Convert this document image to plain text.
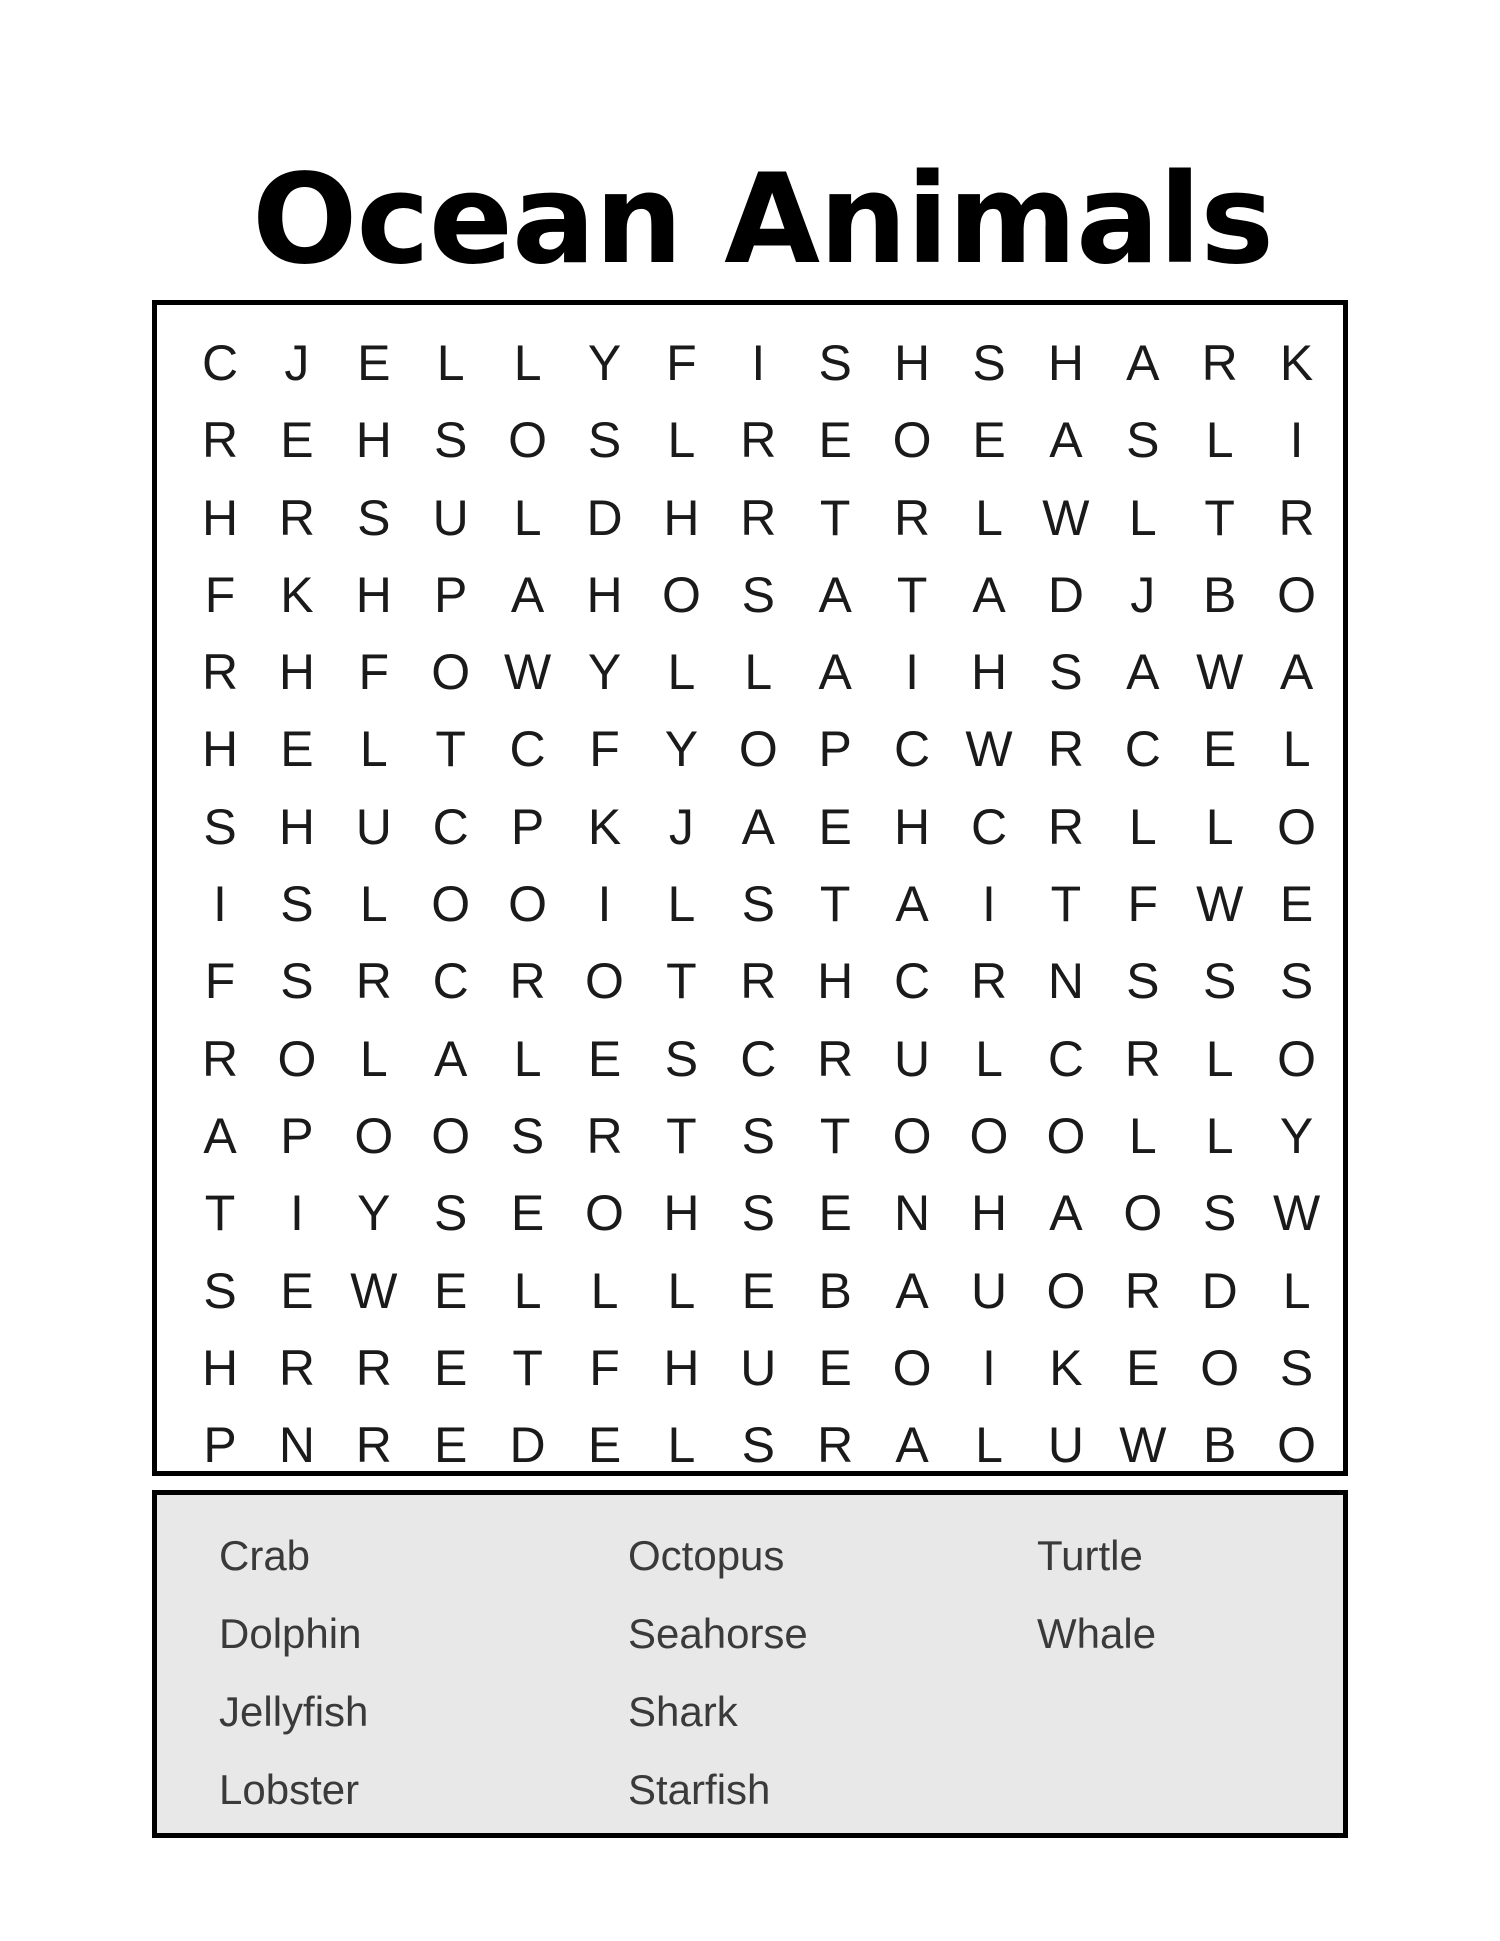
Ocean Animals
C J E L L Y F	I	S H S H A R K
R E H S O S L R E O E A S L	I
H R S U L D H R T R L W L T R
F K H P A H O S A T A D J B O
R H F O W Y L L A	I	H S A W A
H E L T C F Y O P C W R C E L
S H U C P K J A E H C R L L O
I	S L O O	I	L S T A	I	T F W E
F S R C R O T R H C R N S S S
R O L A L E S C R U L C R L O
A P O O S R T S T O O O L L Y
T	I	Y S E O H S E N H A O S W
S E W E L L L E B A U O R D L
H R R E T F H U E O	I	K E O S
P N R E D E L S R A L U W B O
Crab
Dolphin
Jellyfish
Lobster
Octopus
Seahorse
Shark
Starfish
Turtle
Whale
